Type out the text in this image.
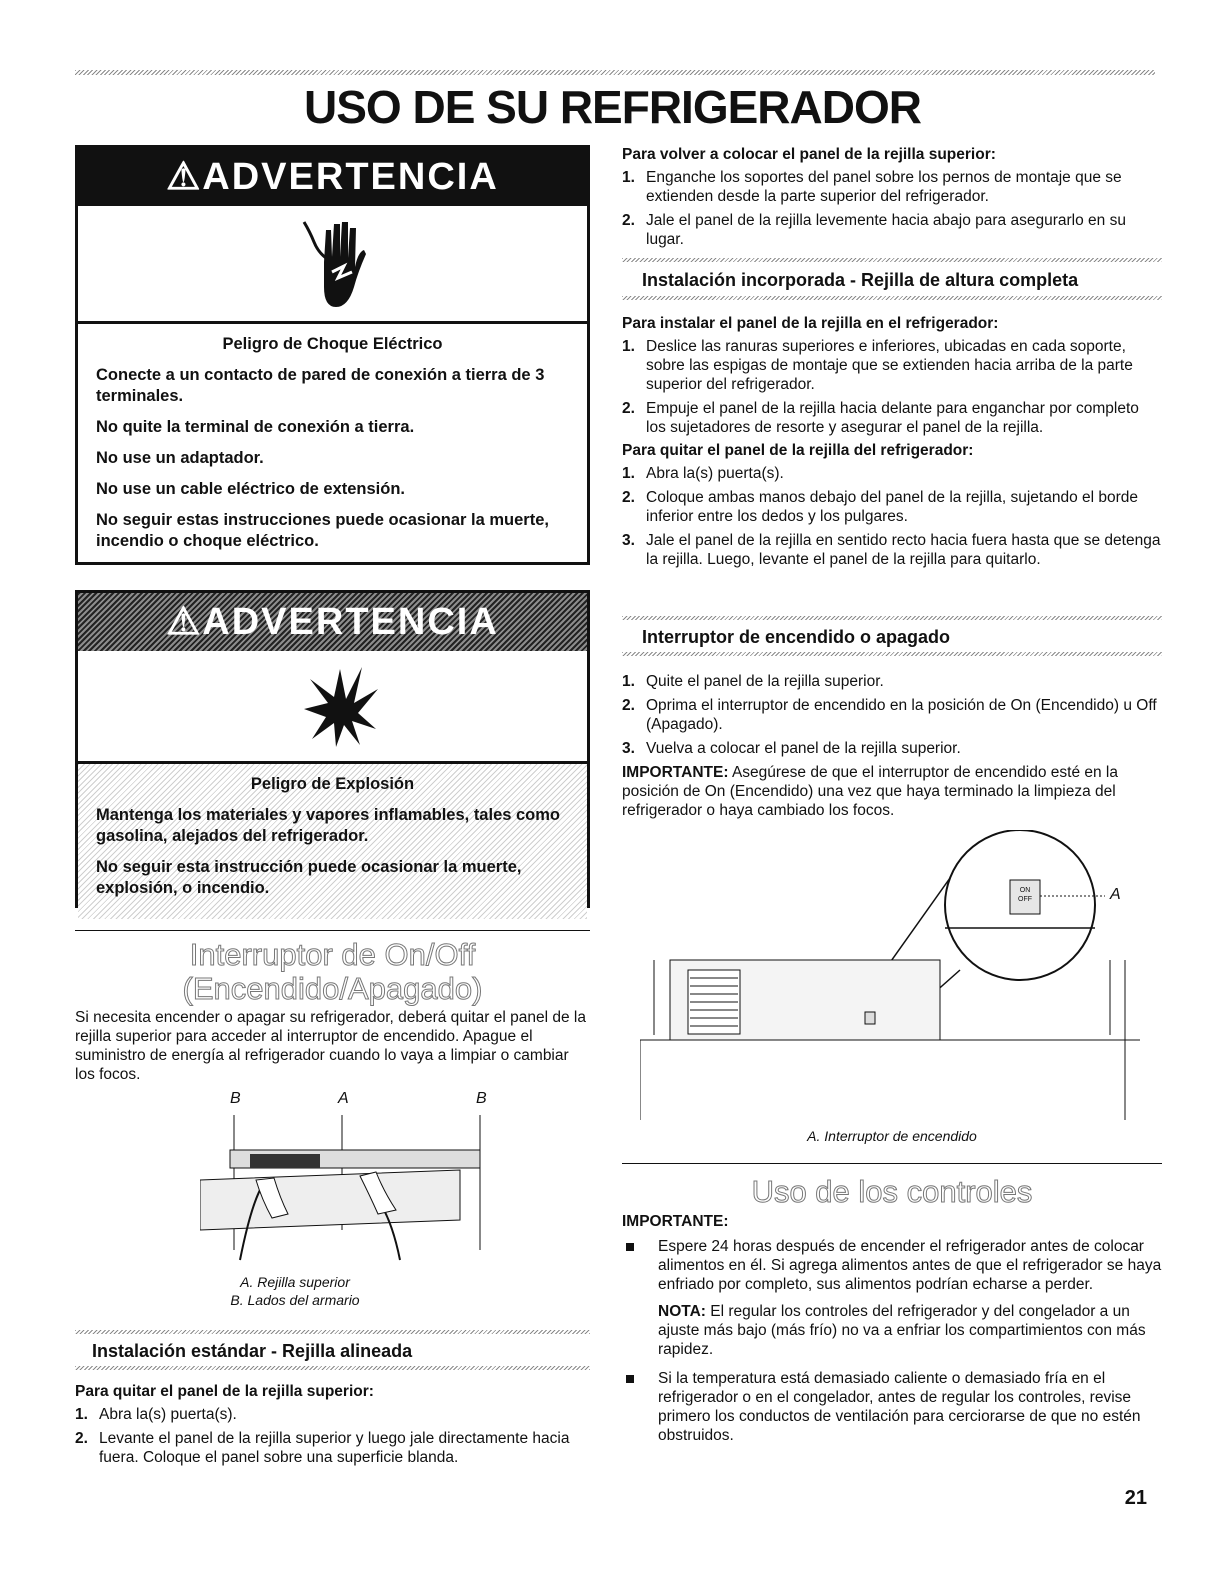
USO DE SU REFRIGERADOR
⚠ADVERTENCIA

Peligro de Choque Eléctrico

Conecte a un contacto de pared de conexión a tierra de 3 terminales.

No quite la terminal de conexión a tierra.

No use un adaptador.

No use un cable eléctrico de extensión.

No seguir estas instrucciones puede ocasionar la muerte, incendio o choque eléctrico.

⚠ADVERTENCIA

Peligro de Explosión

Mantenga los materiales y vapores inflamables, tales como gasolina, alejados del refrigerador.

No seguir esta instrucción puede ocasionar la muerte, explosión, o incendio.

Interruptor de On/Off
(Encendido/Apagado)
Si necesita encender o apagar su refrigerador, deberá quitar el panel de la rejilla superior para acceder al interruptor de encendido. Apague el suministro de energía al refrigerador cuando lo vaya a limpiar o cambiar los focos.
B	A	B
A. Rejilla superior
B. Lados del armario
Instalación estándar - Rejilla alineada
Para quitar el panel de la rejilla superior:
1. Abra la(s) puerta(s).
2. Levante el panel de la rejilla superior y luego jale directamente hacia fuera. Coloque el panel sobre una superficie blanda.
Para volver a colocar el panel de la rejilla superior:
1. Enganche los soportes del panel sobre los pernos de montaje que se extienden desde la parte superior del refrigerador.
2. Jale el panel de la rejilla levemente hacia abajo para asegurarlo en su lugar.
Instalación incorporada - Rejilla de altura completa
Para instalar el panel de la rejilla en el refrigerador:
1. Deslice las ranuras superiores e inferiores, ubicadas en cada soporte, sobre las espigas de montaje que se extienden hacia arriba de la parte superior del refrigerador.
2. Empuje el panel de la rejilla hacia delante para enganchar por completo los sujetadores de resorte y asegurar el panel de la rejilla.
Para quitar el panel de la rejilla del refrigerador:
1. Abra la(s) puerta(s).
2. Coloque ambas manos debajo del panel de la rejilla, sujetando el borde inferior entre los dedos y los pulgares.
3. Jale el panel de la rejilla en sentido recto hacia fuera hasta que se detenga la rejilla. Luego, levante el panel de la rejilla para quitarlo.
Interruptor de encendido o apagado
1. Quite el panel de la rejilla superior.
2. Oprima el interruptor de encendido en la posición de On (Encendido) u Off (Apagado).
3. Vuelva a colocar el panel de la rejilla superior.
IMPORTANTE: Asegúrese de que el interruptor de encendido esté en la posición de On (Encendido) una vez que haya terminado la limpieza del refrigerador o haya cambiado los focos.
ON
OFF	A
A. Interruptor de encendido
Uso de los controles
IMPORTANTE:
Espere 24 horas después de encender el refrigerador antes de colocar alimentos en él. Si agrega alimentos antes de que el refrigerador se haya enfriado por completo, sus alimentos podrían echarse a perder.
NOTA: El regular los controles del refrigerador y del congelador a un ajuste más bajo (más frío) no va a enfriar los compartimientos con más rapidez.
Si la temperatura está demasiado caliente o demasiado fría en el refrigerador o en el congelador, antes de regular los controles, revise primero los conductos de ventilación para cerciorarse de que no estén obstruidos.
21
